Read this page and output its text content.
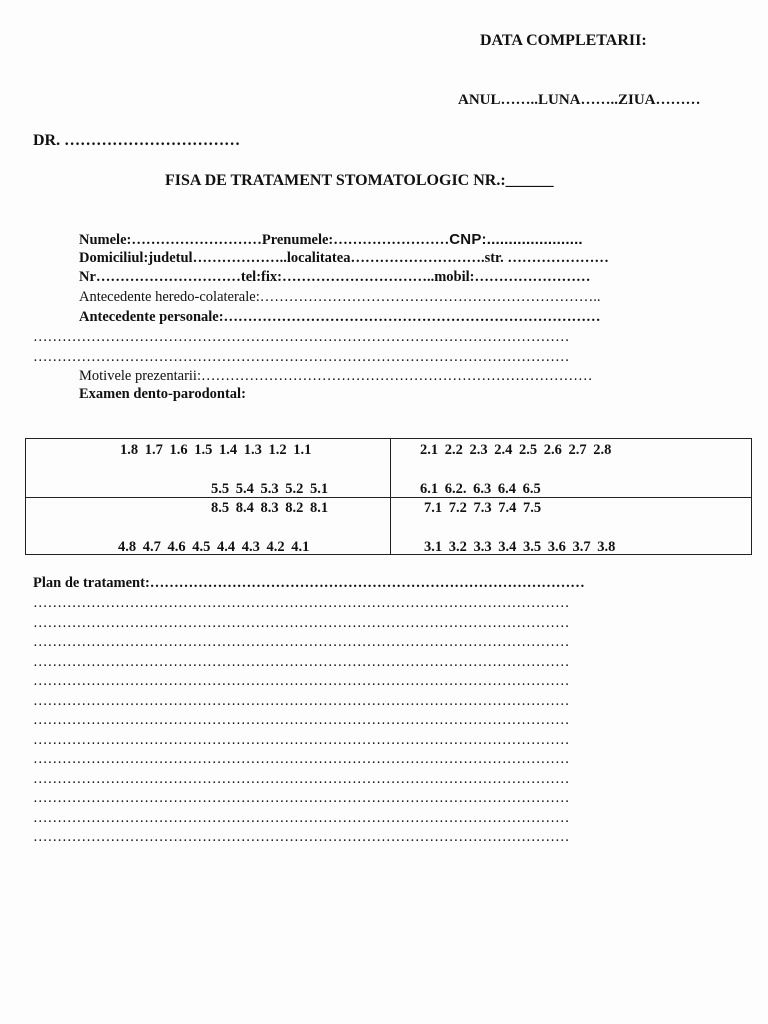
DATA COMPLETARII:
ANUL……..LUNA……..ZIUA………
DR. ……………………………
FISA DE TRATAMENT STOMATOLOGIC NR.:______
Numele:………………………Prenumele:……………………CNP:......................
Domiciliul:judetul………………..localitatea……………………….str. …………………
Nr…………………………tel:fix:…………………………..mobil:……………………
Antecedente heredo-colaterale:……………………………………………………………..
Antecedente personale:……………………………………………………………………
…………………………………………………………………………………………………
…………………………………………………………………………………………………
Motivele prezentarii:………………………………………………………………………
Examen dento-parodontal:
1.8 1.7 1.6 1.5 1.4 1.3 1.2 1.1	2.1 2.2 2.3 2.4 2.5 2.6 2.7 2.8
5.5 5.4 5.3 5.2 5.1	6.1 6.2. 6.3 6.4 6.5
8.5 8.4 8.3 8.2 8.1	7.1 7.2 7.3 7.4 7.5
4.8 4.7 4.6 4.5 4.4 4.3 4.2 4.1	3.1 3.2 3.3 3.4 3.5 3.6 3.7 3.8
Plan de tratament:………………………………………………………………………………
…………………………………………………………………………………………………
…………………………………………………………………………………………………
…………………………………………………………………………………………………
…………………………………………………………………………………………………
…………………………………………………………………………………………………
…………………………………………………………………………………………………
…………………………………………………………………………………………………
…………………………………………………………………………………………………
…………………………………………………………………………………………………
…………………………………………………………………………………………………
…………………………………………………………………………………………………
…………………………………………………………………………………………………
…………………………………………………………………………………………………
